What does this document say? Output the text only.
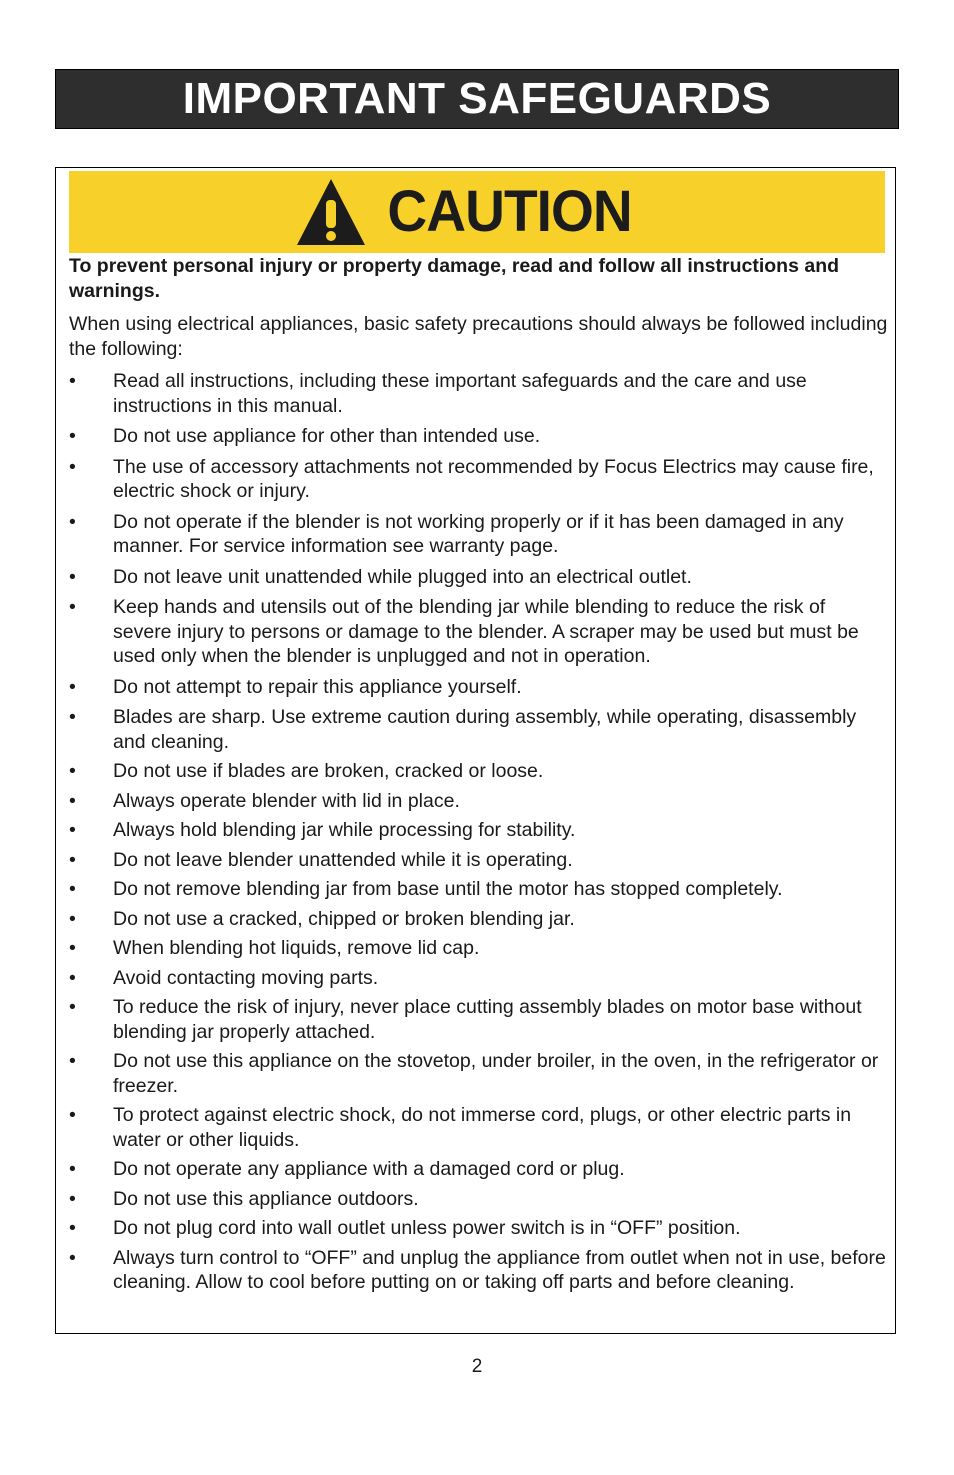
IMPORTANT SAFEGUARDS
CAUTION

To prevent personal injury or property damage, read and follow all instructions and warnings.

When using electrical appliances, basic safety precautions should always be followed including the following:

• Read all instructions, including these important safeguards and the care and use instructions in this manual.
• Do not use appliance for other than intended use.
• The use of accessory attachments not recommended by Focus Electrics may cause fire, electric shock or injury.
• Do not operate if the blender is not working properly or if it has been damaged in any manner. For service information see warranty page.
• Do not leave unit unattended while plugged into an electrical outlet.
• Keep hands and utensils out of the blending jar while blending to reduce the risk of severe injury to persons or damage to the blender. A scraper may be used but must be used only when the blender is unplugged and not in operation.
• Do not attempt to repair this appliance yourself.
• Blades are sharp. Use extreme caution during assembly, while operating, disassembly and cleaning.
• Do not use if blades are broken, cracked or loose.
• Always operate blender with lid in place.
• Always hold blending jar while processing for stability.
• Do not leave blender unattended while it is operating.
• Do not remove blending jar from base until the motor has stopped completely.
• Do not use a cracked, chipped or broken blending jar.
• When blending hot liquids, remove lid cap.
• Avoid contacting moving parts.
• To reduce the risk of injury, never place cutting assembly blades on motor base without blending jar properly attached.
• Do not use this appliance on the stovetop, under broiler, in the oven, in the refrigerator or freezer.
• To protect against electric shock, do not immerse cord, plugs, or other electric parts in water or other liquids.
• Do not operate any appliance with a damaged cord or plug.
• Do not use this appliance outdoors.
• Do not plug cord into wall outlet unless power switch is in “OFF” position.
• Always turn control to “OFF” and unplug the appliance from outlet when not in use, before cleaning. Allow to cool before putting on or taking off parts and before cleaning.
2
